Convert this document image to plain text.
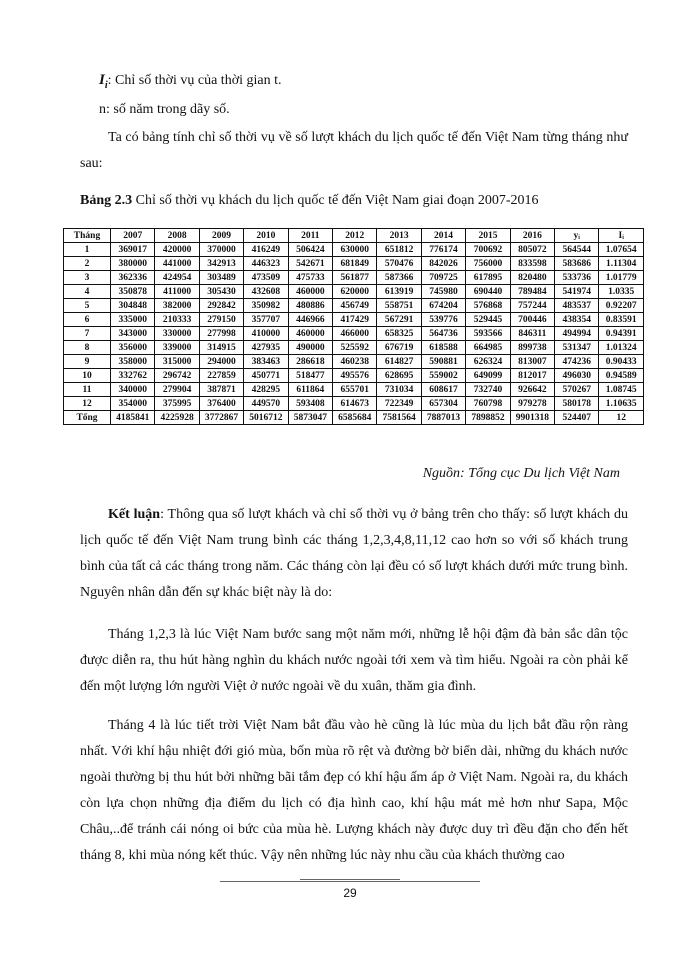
$I_i$: Chỉ số thời vụ của thời gian t.
n: số năm trong dãy số.

Ta có bảng tính chỉ số thời vụ về số lượt khách du lịch quốc tế đến Việt Nam từng tháng như sau:

Bảng 2.3 Chỉ số thời vụ khách du lịch quốc tế đến Việt Nam giai đoạn 2007-2016
Tháng	2007	2008	2009	2010	2011	2012	2013	2014	2015	2016	yᵢ	Iᵢ
1	369017	420000	370000	416249	506424	630000	651812	776174	700692	805072	564544	1.07654
2	380000	441000	342913	446323	542671	681849	570476	842026	756000	833598	583686	1.11304
3	362336	424954	303489	473509	475733	561877	587366	709725	617895	820480	533736	1.01779
4	350878	411000	305430	432608	460000	620000	613919	745980	690440	789484	541974	1.0335
5	304848	382000	292842	350982	480886	456749	558751	674204	576868	757244	483537	0.92207
6	335000	210333	279150	357707	446966	417429	567291	539776	529445	700446	438354	0.83591
7	343000	330000	277998	410000	460000	466000	658325	564736	593566	846311	494994	0.94391
8	356000	339000	314915	427935	490000	525592	676719	618588	664985	899738	531347	1.01324
9	358000	315000	294000	383463	286618	460238	614827	590881	626324	813007	474236	0.90433
10	332762	296742	227859	450771	518477	495576	628695	559002	649099	812017	496030	0.94589
11	340000	279904	387871	428295	611864	655701	731034	608617	732740	926642	570267	1.08745
12	354000	375995	376400	449570	593408	614673	722349	657304	760798	979278	580178	1.10635
Tổng	4185841	4225928	3772867	5016712	5873047	6585684	7581564	7887013	7898852	9901318	524407	12
Nguồn: Tổng cục Du lịch Việt Nam

Kết luận: Thông qua số lượt khách và chỉ số thời vụ ở bảng trên cho thấy: số lượt khách du lịch quốc tế đến Việt Nam trung bình các tháng 1,2,3,4,8,11,12 cao hơn so với số khách trung bình của tất cả các tháng trong năm. Các tháng còn lại đều có số lượt khách dưới mức trung bình. Nguyên nhân dẫn đến sự khác biệt này là do:

Tháng 1,2,3 là lúc Việt Nam bước sang một năm mới, những lễ hội đậm đà bản sắc dân tộc được diễn ra, thu hút hàng nghìn du khách nước ngoài tới xem và tìm hiểu. Ngoài ra còn phải kể đến một lượng lớn người Việt ở nước ngoài về du xuân, thăm gia đình.

Tháng 4 là lúc tiết trời Việt Nam bắt đầu vào hè cũng là lúc mùa du lịch bắt đầu rộn ràng nhất. Với khí hậu nhiệt đới gió mùa, bốn mùa rõ rệt và đường bờ biển dài, những du khách nước ngoài thường bị thu hút bởi những bãi tắm đẹp có khí hậu ấm áp ở Việt Nam. Ngoài ra, du khách còn lựa chọn những địa điểm du lịch có địa hình cao, khí hậu mát mẻ hơn như Sapa, Mộc Châu,..để tránh cái nóng oi bức của mùa hè. Lượng khách này được duy trì đều đặn cho đến hết tháng 8, khi mùa nóng kết thúc. Vậy nên những lúc này nhu cầu của khách thường cao

29
